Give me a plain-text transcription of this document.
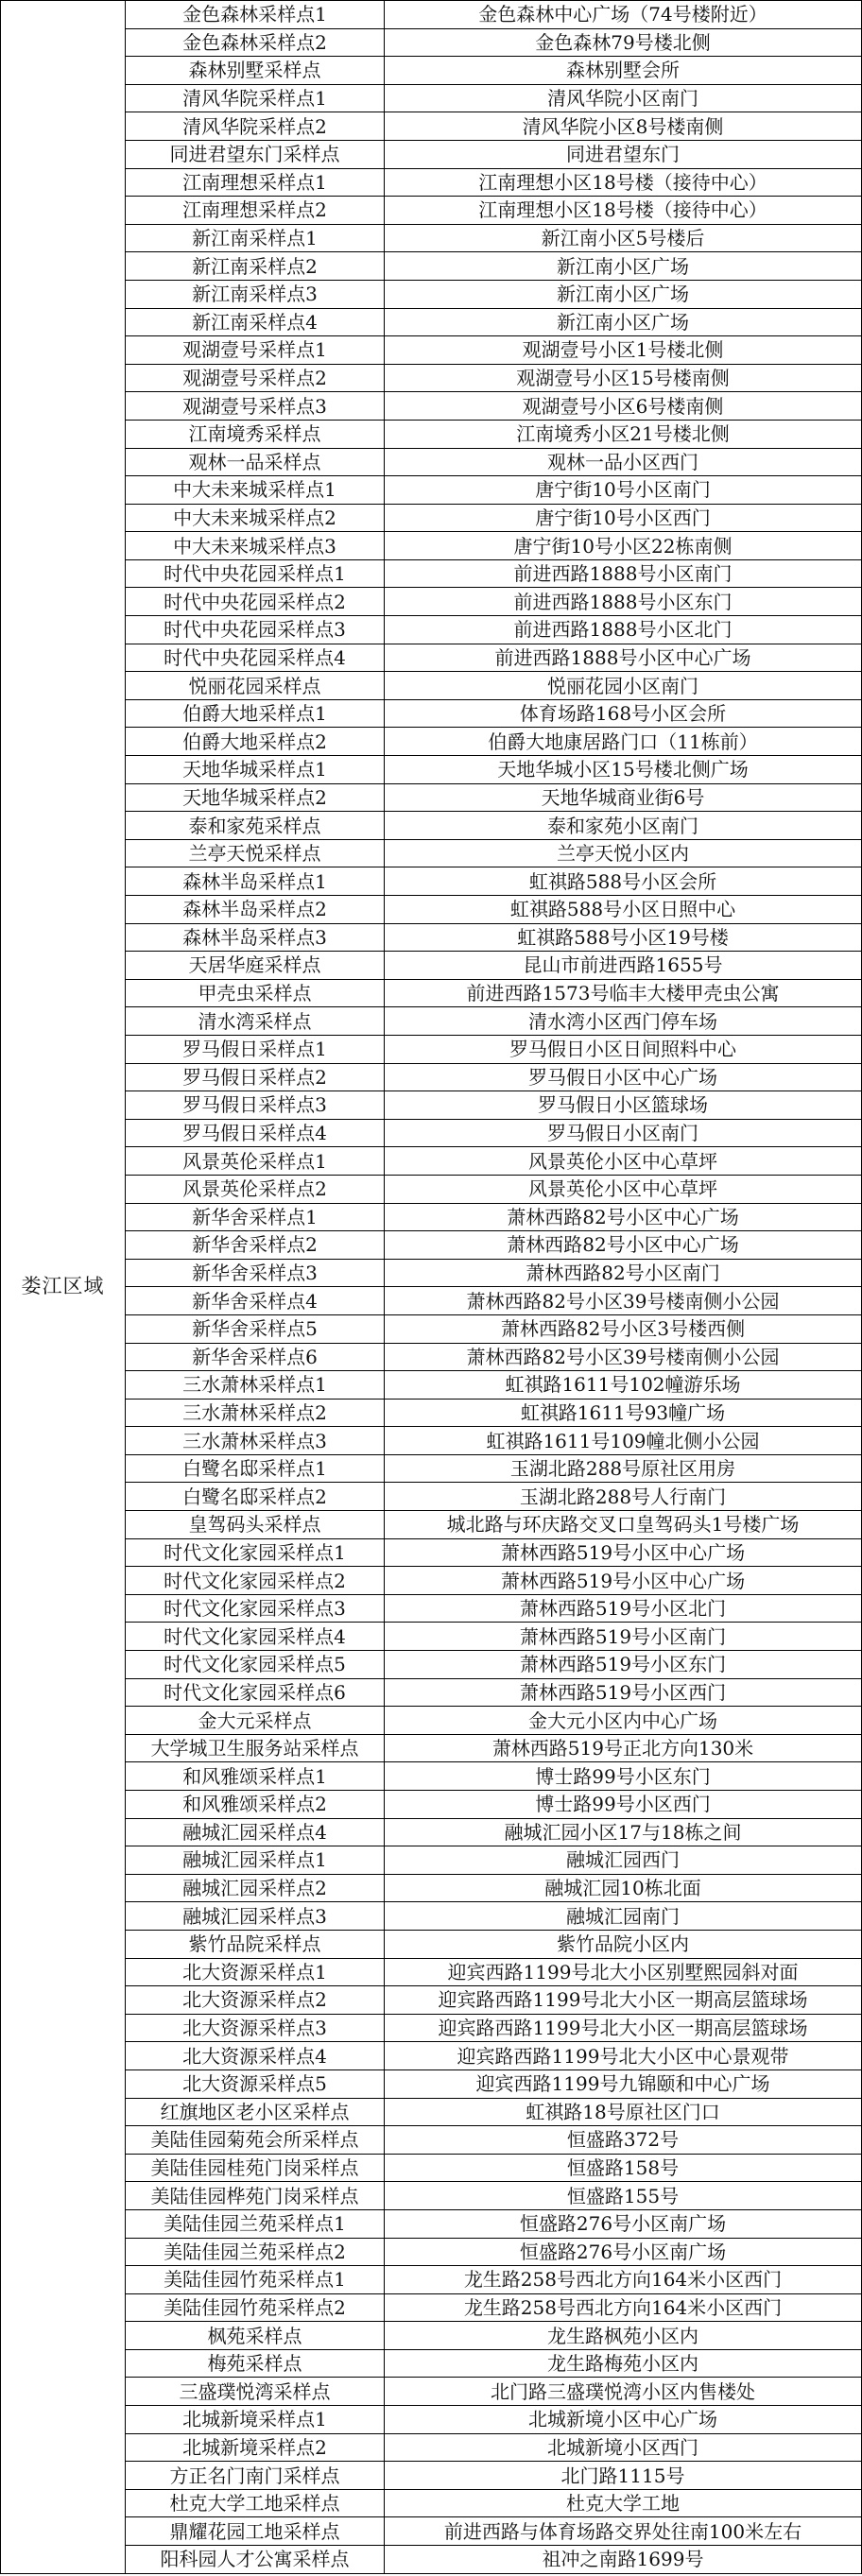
娄江区域	金色森林采样点1	金色森林中心广场（74号楼附近）
	金色森林采样点2	金色森林79号楼北侧
	森林别墅采样点	森林别墅会所
	清风华院采样点1	清风华院小区南门
	清风华院采样点2	清风华院小区8号楼南侧
	同进君望东门采样点	同进君望东门
	江南理想采样点1	江南理想小区18号楼（接待中心）
	江南理想采样点2	江南理想小区18号楼（接待中心）
	新江南采样点1	新江南小区5号楼后
	新江南采样点2	新江南小区广场
	新江南采样点3	新江南小区广场
	新江南采样点4	新江南小区广场
	观湖壹号采样点1	观湖壹号小区1号楼北侧
	观湖壹号采样点2	观湖壹号小区15号楼南侧
	观湖壹号采样点3	观湖壹号小区6号楼南侧
	江南境秀采样点	江南境秀小区21号楼北侧
	观林一品采样点	观林一品小区西门
	中大未来城采样点1	唐宁街10号小区南门
	中大未来城采样点2	唐宁街10号小区西门
	中大未来城采样点3	唐宁街10号小区22栋南侧
	时代中央花园采样点1	前进西路1888号小区南门
	时代中央花园采样点2	前进西路1888号小区东门
	时代中央花园采样点3	前进西路1888号小区北门
	时代中央花园采样点4	前进西路1888号小区中心广场
	悦丽花园采样点	悦丽花园小区南门
	伯爵大地采样点1	体育场路168号小区会所
	伯爵大地采样点2	伯爵大地康居路门口（11栋前）
	天地华城采样点1	天地华城小区15号楼北侧广场
	天地华城采样点2	天地华城商业街6号
	泰和家苑采样点	泰和家苑小区南门
	兰亭天悦采样点	兰亭天悦小区内
	森林半岛采样点1	虹祺路588号小区会所
	森林半岛采样点2	虹祺路588号小区日照中心
	森林半岛采样点3	虹祺路588号小区19号楼
	天居华庭采样点	昆山市前进西路1655号
	甲壳虫采样点	前进西路1573号临丰大楼甲壳虫公寓
	清水湾采样点	清水湾小区西门停车场
	罗马假日采样点1	罗马假日小区日间照料中心
	罗马假日采样点2	罗马假日小区中心广场
	罗马假日采样点3	罗马假日小区篮球场
	罗马假日采样点4	罗马假日小区南门
	风景英伦采样点1	风景英伦小区中心草坪
	风景英伦采样点2	风景英伦小区中心草坪
	新华舍采样点1	萧林西路82号小区中心广场
	新华舍采样点2	萧林西路82号小区中心广场
	新华舍采样点3	萧林西路82号小区南门
	新华舍采样点4	萧林西路82号小区39号楼南侧小公园
	新华舍采样点5	萧林西路82号小区3号楼西侧
	新华舍采样点6	萧林西路82号小区39号楼南侧小公园
	三水萧林采样点1	虹祺路1611号102幢游乐场
	三水萧林采样点2	虹祺路1611号93幢广场
	三水萧林采样点3	虹祺路1611号109幢北侧小公园
	白鹭名邸采样点1	玉湖北路288号原社区用房
	白鹭名邸采样点2	玉湖北路288号人行南门
	皇驾码头采样点	城北路与环庆路交叉口皇驾码头1号楼广场
	时代文化家园采样点1	萧林西路519号小区中心广场
	时代文化家园采样点2	萧林西路519号小区中心广场
	时代文化家园采样点3	萧林西路519号小区北门
	时代文化家园采样点4	萧林西路519号小区南门
	时代文化家园采样点5	萧林西路519号小区东门
	时代文化家园采样点6	萧林西路519号小区西门
	金大元采样点	金大元小区内中心广场
	大学城卫生服务站采样点	萧林西路519号正北方向130米
	和风雅颂采样点1	博士路99号小区东门
	和风雅颂采样点2	博士路99号小区西门
	融城汇园采样点4	融城汇园小区17与18栋之间
	融城汇园采样点1	融城汇园西门
	融城汇园采样点2	融城汇园10栋北面
	融城汇园采样点3	融城汇园南门
	紫竹品院采样点	紫竹品院小区内
	北大资源采样点1	迎宾西路1199号北大小区别墅熙园斜对面
	北大资源采样点2	迎宾路西路1199号北大小区一期高层篮球场
	北大资源采样点3	迎宾路西路1199号北大小区一期高层篮球场
	北大资源采样点4	迎宾路西路1199号北大小区中心景观带
	北大资源采样点5	迎宾西路1199号九锦颐和中心广场
	红旗地区老小区采样点	虹祺路18号原社区门口
	美陆佳园菊苑会所采样点	恒盛路372号
	美陆佳园桂苑门岗采样点	恒盛路158号
	美陆佳园桦苑门岗采样点	恒盛路155号
	美陆佳园兰苑采样点1	恒盛路276号小区南广场
	美陆佳园兰苑采样点2	恒盛路276号小区南广场
	美陆佳园竹苑采样点1	龙生路258号西北方向164米小区西门
	美陆佳园竹苑采样点2	龙生路258号西北方向164米小区西门
	枫苑采样点	龙生路枫苑小区内
	梅苑采样点	龙生路梅苑小区内
	三盛璞悦湾采样点	北门路三盛璞悦湾小区内售楼处
	北城新境采样点1	北城新境小区中心广场
	北城新境采样点2	北城新境小区西门
	方正名门南门采样点	北门路1115号
	杜克大学工地采样点	杜克大学工地
	鼎耀花园工地采样点	前进西路与体育场路交界处往南100米左右
	阳科园人才公寓采样点	祖冲之南路1699号
